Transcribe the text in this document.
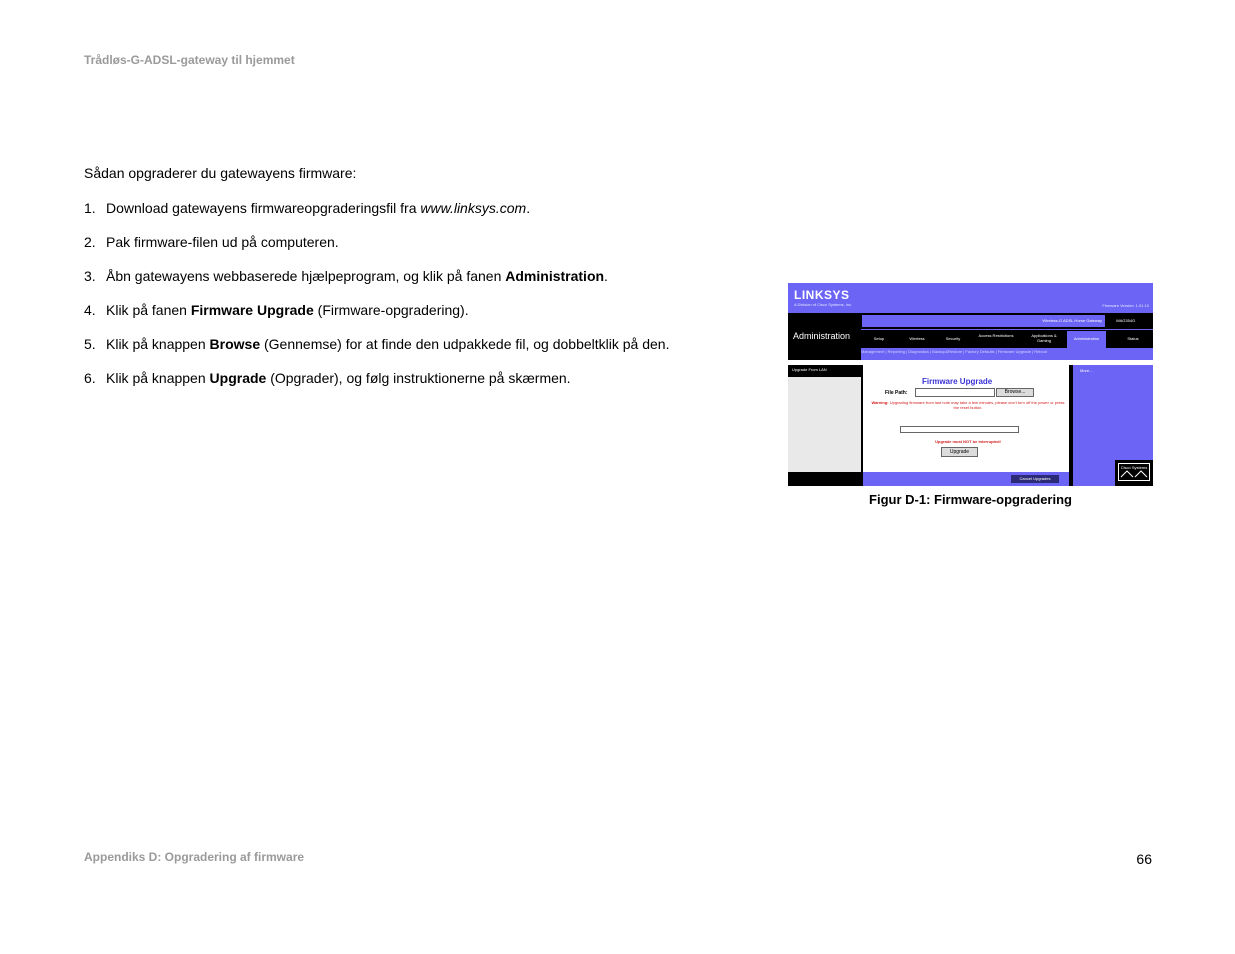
Trådløs-G-ADSL-gateway til hjemmet
Sådan opgraderer du gatewayens firmware:
1. Download gatewayens firmwareopgraderingsfil fra www.linksys.com.
2. Pak firmware-filen ud på computeren.
3. Åbn gatewayens webbaserede hjælpeprogram, og klik på fanen Administration.
4. Klik på fanen Firmware Upgrade (Firmware-opgradering).
5. Klik på knappen Browse (Gennemse) for at finde den udpakkede fil, og dobbeltklik på den.
6. Klik på knappen Upgrade (Opgrader), og følg instruktionerne på skærmen.
LINKSYS
A Division of Cisco Systems, Inc.	Firmware Version: 1.01.10
Administration
Wireless-G ADSL Home Gateway	WAG354G
Setup	Wireless	Security
Access Restrictions	Applications & Gaming	Administration	Status
Management | Reporting | Diagnostics | Backup&Restore | Factory Defaults | Firmware Upgrade | Reboot
Upgrade From LAN
Firmware Upgrade
File Path:	Browse...
Warning: Upgrading firmware from last note may take a few minutes, please don't turn off the power or press the reset button.
Upgrade must NOT be interrupted!
Upgrade
Cancel Upgrades
More...
Cisco Systems
Figur D-1: Firmware-opgradering
Appendiks D: Opgradering af firmware	66
